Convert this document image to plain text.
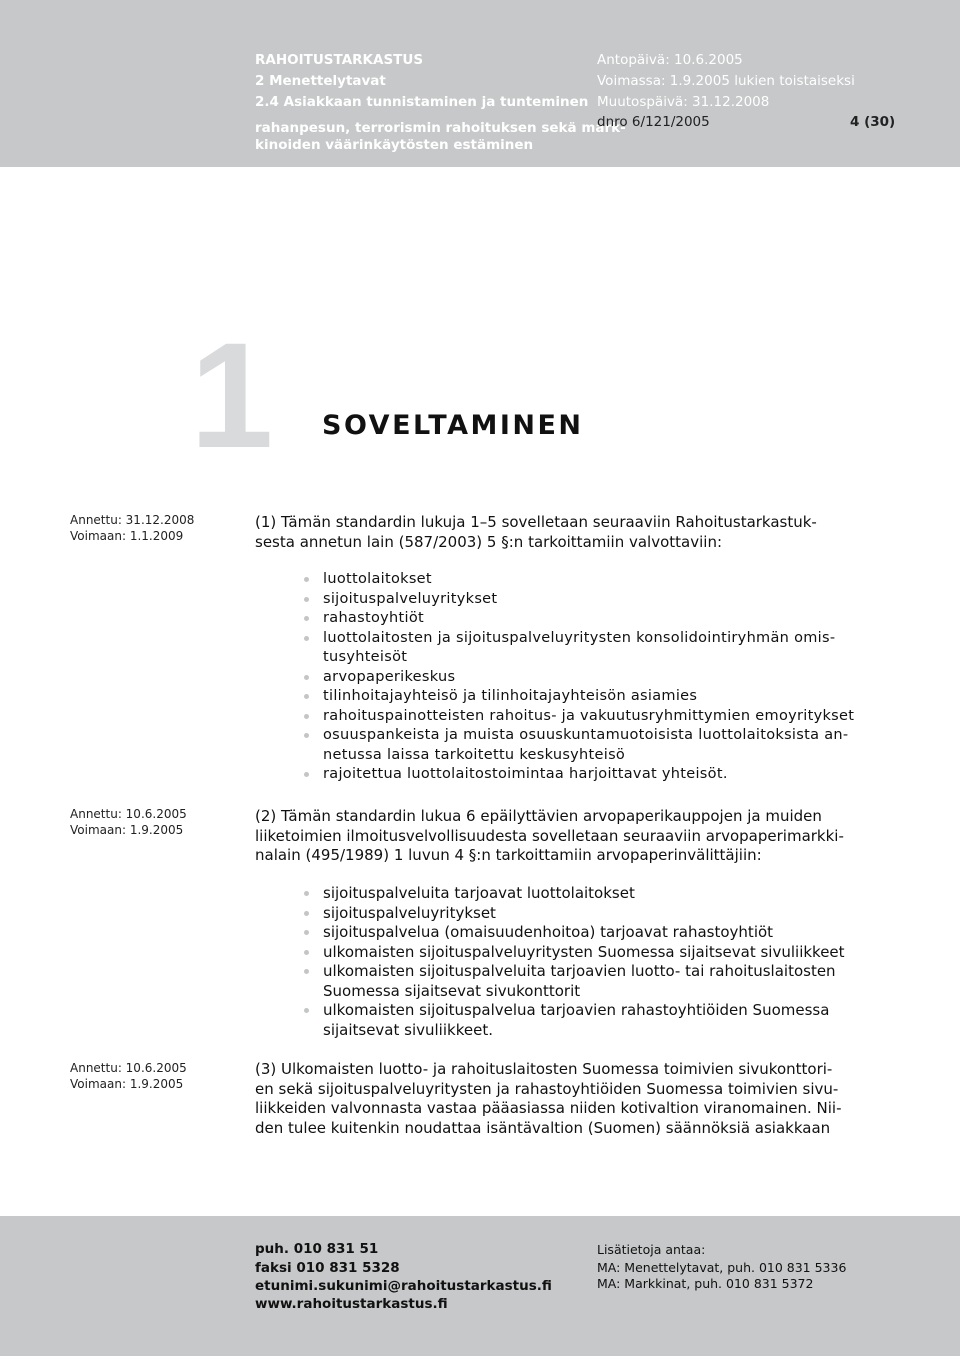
RAHOITUSTARKASTUS
2 Menettelytavat
2.4 Asiakkaan tunnistaminen ja tunteminen
rahanpesun, terrorismin rahoituksen sekä mark-
kinoiden väärinkäytösten estäminen
Antopäivä: 10.6.2005
Voimassa: 1.9.2005 lukien toistaiseksi
Muutospäivä: 31.12.2008
dnro 6/121/2005	4 (30)
1 SOVELTAMINEN
Annettu: 31.12.2008
Voimaan: 1.1.2009
Annettu: 10.6.2005
Voimaan: 1.9.2005
Annettu: 10.6.2005
Voimaan: 1.9.2005
(1) Tämän standardin lukuja 1–5 sovelletaan seuraaviin Rahoitustarkastuk-
sesta annetun lain (587/2003) 5 §:n tarkoittamiin valvottaviin:
luottolaitokset
sijoituspalveluyritykset
rahastoyhtiöt
luottolaitosten ja sijoituspalveluyritysten konsolidointiryhmän omis-
tusyhteisöt
arvopaperikeskus
tilinhoitajayhteisö ja tilinhoitajayhteisön asiamies
rahoituspainotteisten rahoitus- ja vakuutusryhmittymien emoyritykset
osuuspankeista ja muista osuuskuntamuotoisista luottolaitoksista an-
netussa laissa tarkoitettu keskusyhteisö
rajoitettua luottolaitostoimintaa harjoittavat yhteisöt.
(2) Tämän standardin lukua 6 epäilyttävien arvopaperikauppojen ja muiden
liiketoimien ilmoitusvelvollisuudesta sovelletaan seuraaviin arvopaperimarkki-
nalain (495/1989) 1 luvun 4 §:n tarkoittamiin arvopaperinvälittäjiin:
sijoituspalveluita tarjoavat luottolaitokset
sijoituspalveluyritykset
sijoituspalvelua (omaisuudenhoitoa) tarjoavat rahastoyhtiöt
ulkomaisten sijoituspalveluyritysten Suomessa sijaitsevat sivuliikkeet
ulkomaisten sijoituspalveluita tarjoavien luotto- tai rahoituslaitosten
Suomessa sijaitsevat sivukonttorit
ulkomaisten sijoituspalvelua tarjoavien rahastoyhtiöiden Suomessa
sijaitsevat sivuliikkeet.
(3) Ulkomaisten luotto- ja rahoituslaitosten Suomessa toimivien sivukonttori-
en sekä sijoituspalveluyritysten ja rahastoyhtiöiden Suomessa toimivien sivu-
liikkeiden valvonnasta vastaa pääasiassa niiden kotivaltion viranomainen. Nii-
den tulee kuitenkin noudattaa isäntävaltion (Suomen) säännöksiä asiakkaan
puh. 010 831 51
faksi 010 831 5328
etunimi.sukunimi@rahoitustarkastus.fi
www.rahoitustarkastus.fi
Lisätietoja antaa:
MA: Menettelytavat, puh. 010 831 5336
MA: Markkinat, puh. 010 831 5372
